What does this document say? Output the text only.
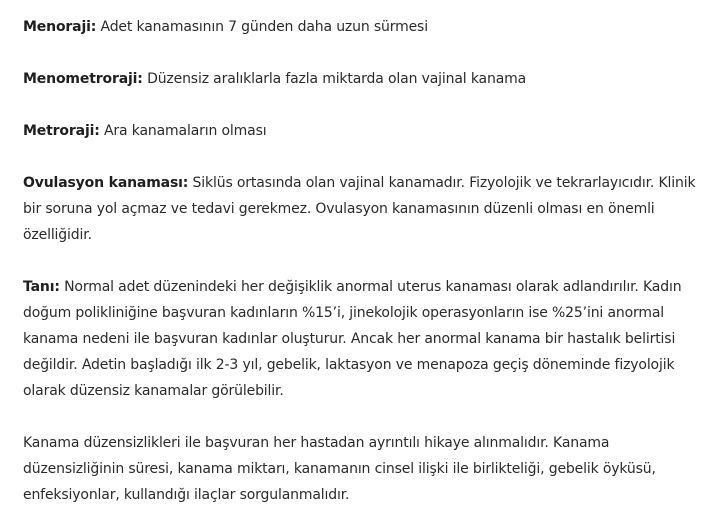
Menoraji: Adet kanamasının 7 günden daha uzun sürmesi

Menometroraji: Düzensiz aralıklarla fazla miktarda olan vajinal kanama

Metroraji: Ara kanamaların olması

Ovulasyon kanaması: Siklüs ortasında olan vajinal kanamadır. Fizyolojik ve tekrarlayıcıdır. Klinik bir soruna yol açmaz ve tedavi gerekmez. Ovulasyon kanamasının düzenli olması en önemli özelliğidir.

Tanı: Normal adet düzenindeki her değişiklik anormal uterus kanaması olarak adlandırılır. Kadın doğum polikliniğine başvuran kadınların %15’i, jinekolojik operasyonların ise %25’ini anormal kanama nedeni ile başvuran kadınlar oluşturur. Ancak her anormal kanama bir hastalık belirtisi değildir. Adetin başladığı ilk 2-3 yıl, gebelik, laktasyon ve menapoza geçiş döneminde fizyolojik olarak düzensiz kanamalar görülebilir.

Kanama düzensizlikleri ile başvuran her hastadan ayrıntılı hikaye alınmalıdır. Kanama düzensizliğinin süresi, kanama miktarı, kanamanın cinsel ilişki ile birlikteliği, gebelik öyküsü, enfeksiyonlar, kullandığı ilaçlar sorgulanmalıdır.
